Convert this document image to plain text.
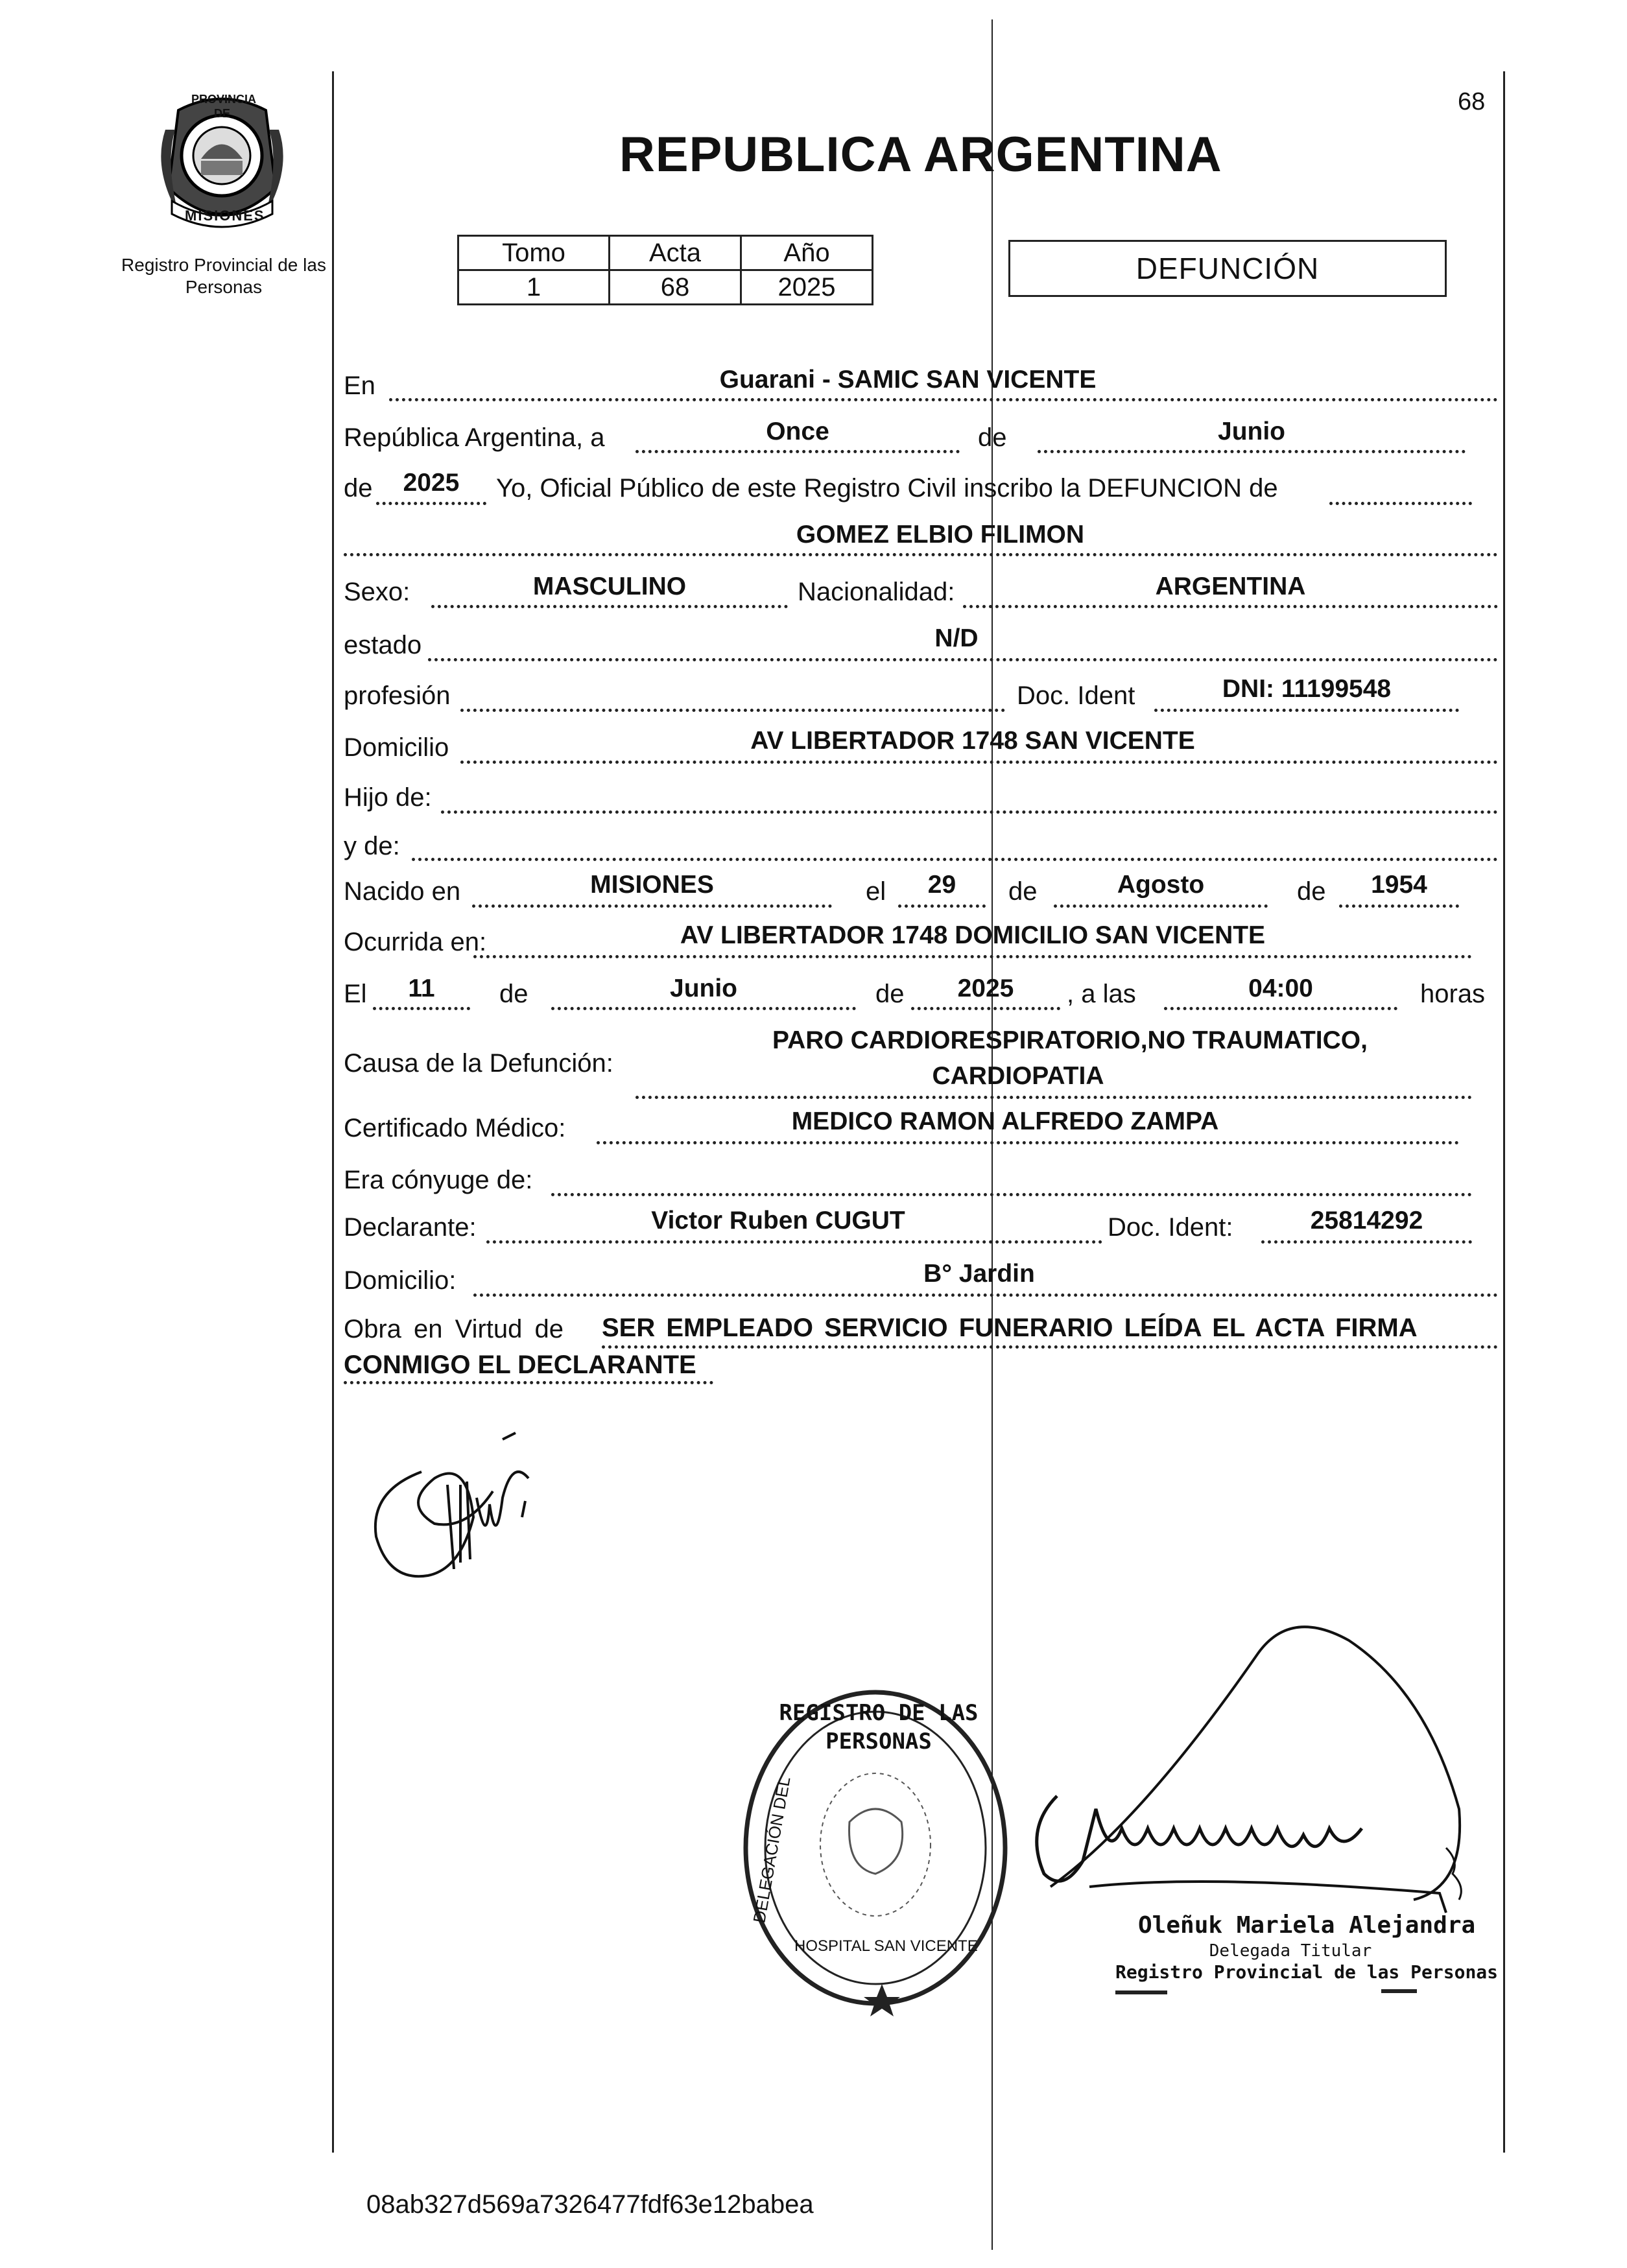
68
PROVINCIA DE
MISIONES
Registro Provincial de las Personas
REPUBLICA ARGENTINA
Tomo	Acta	Año
1	68	2025
DEFUNCIÓN
En	Guarani - SAMIC SAN VICENTE
República Argentina, a	Once	de	Junio
de	2025	Yo, Oficial Público de este Registro Civil inscribo la DEFUNCION de
GOMEZ ELBIO FILIMON
Sexo:	MASCULINO	Nacionalidad:	ARGENTINA
estado	N/D
profesión	Doc. Ident	DNI: 11199548
Domicilio	AV LIBERTADOR 1748 SAN VICENTE
Hijo de:
y de:
Nacido en	MISIONES	el	29	de	Agosto	de	1954
Ocurrida en:	AV LIBERTADOR 1748 DOMICILIO SAN VICENTE
El	11	de	Junio	de	2025	, a las	04:00	horas
Causa de la Defunción:
PARO CARDIORESPIRATORIO,NO TRAUMATICO,
CARDIOPATIA
Certificado Médico:	MEDICO RAMON ALFREDO ZAMPA
Era cónyuge de:
Declarante:	Victor Ruben CUGUT	Doc. Ident:	25814292
Domicilio:	B° Jardin
Obra en Virtud de SER EMPLEADO SERVICIO FUNERARIO LEÍDA EL ACTA FIRMA
CONMIGO EL DECLARANTE
REGISTRO DE LAS PERSONAS
DELEGACIÓN DEL
HOSPITAL SAN VICENTE
Oleñuk Mariela Alejandra
Delegada Titular
Registro Provincial de las Personas
08ab327d569a7326477fdf63e12babea
